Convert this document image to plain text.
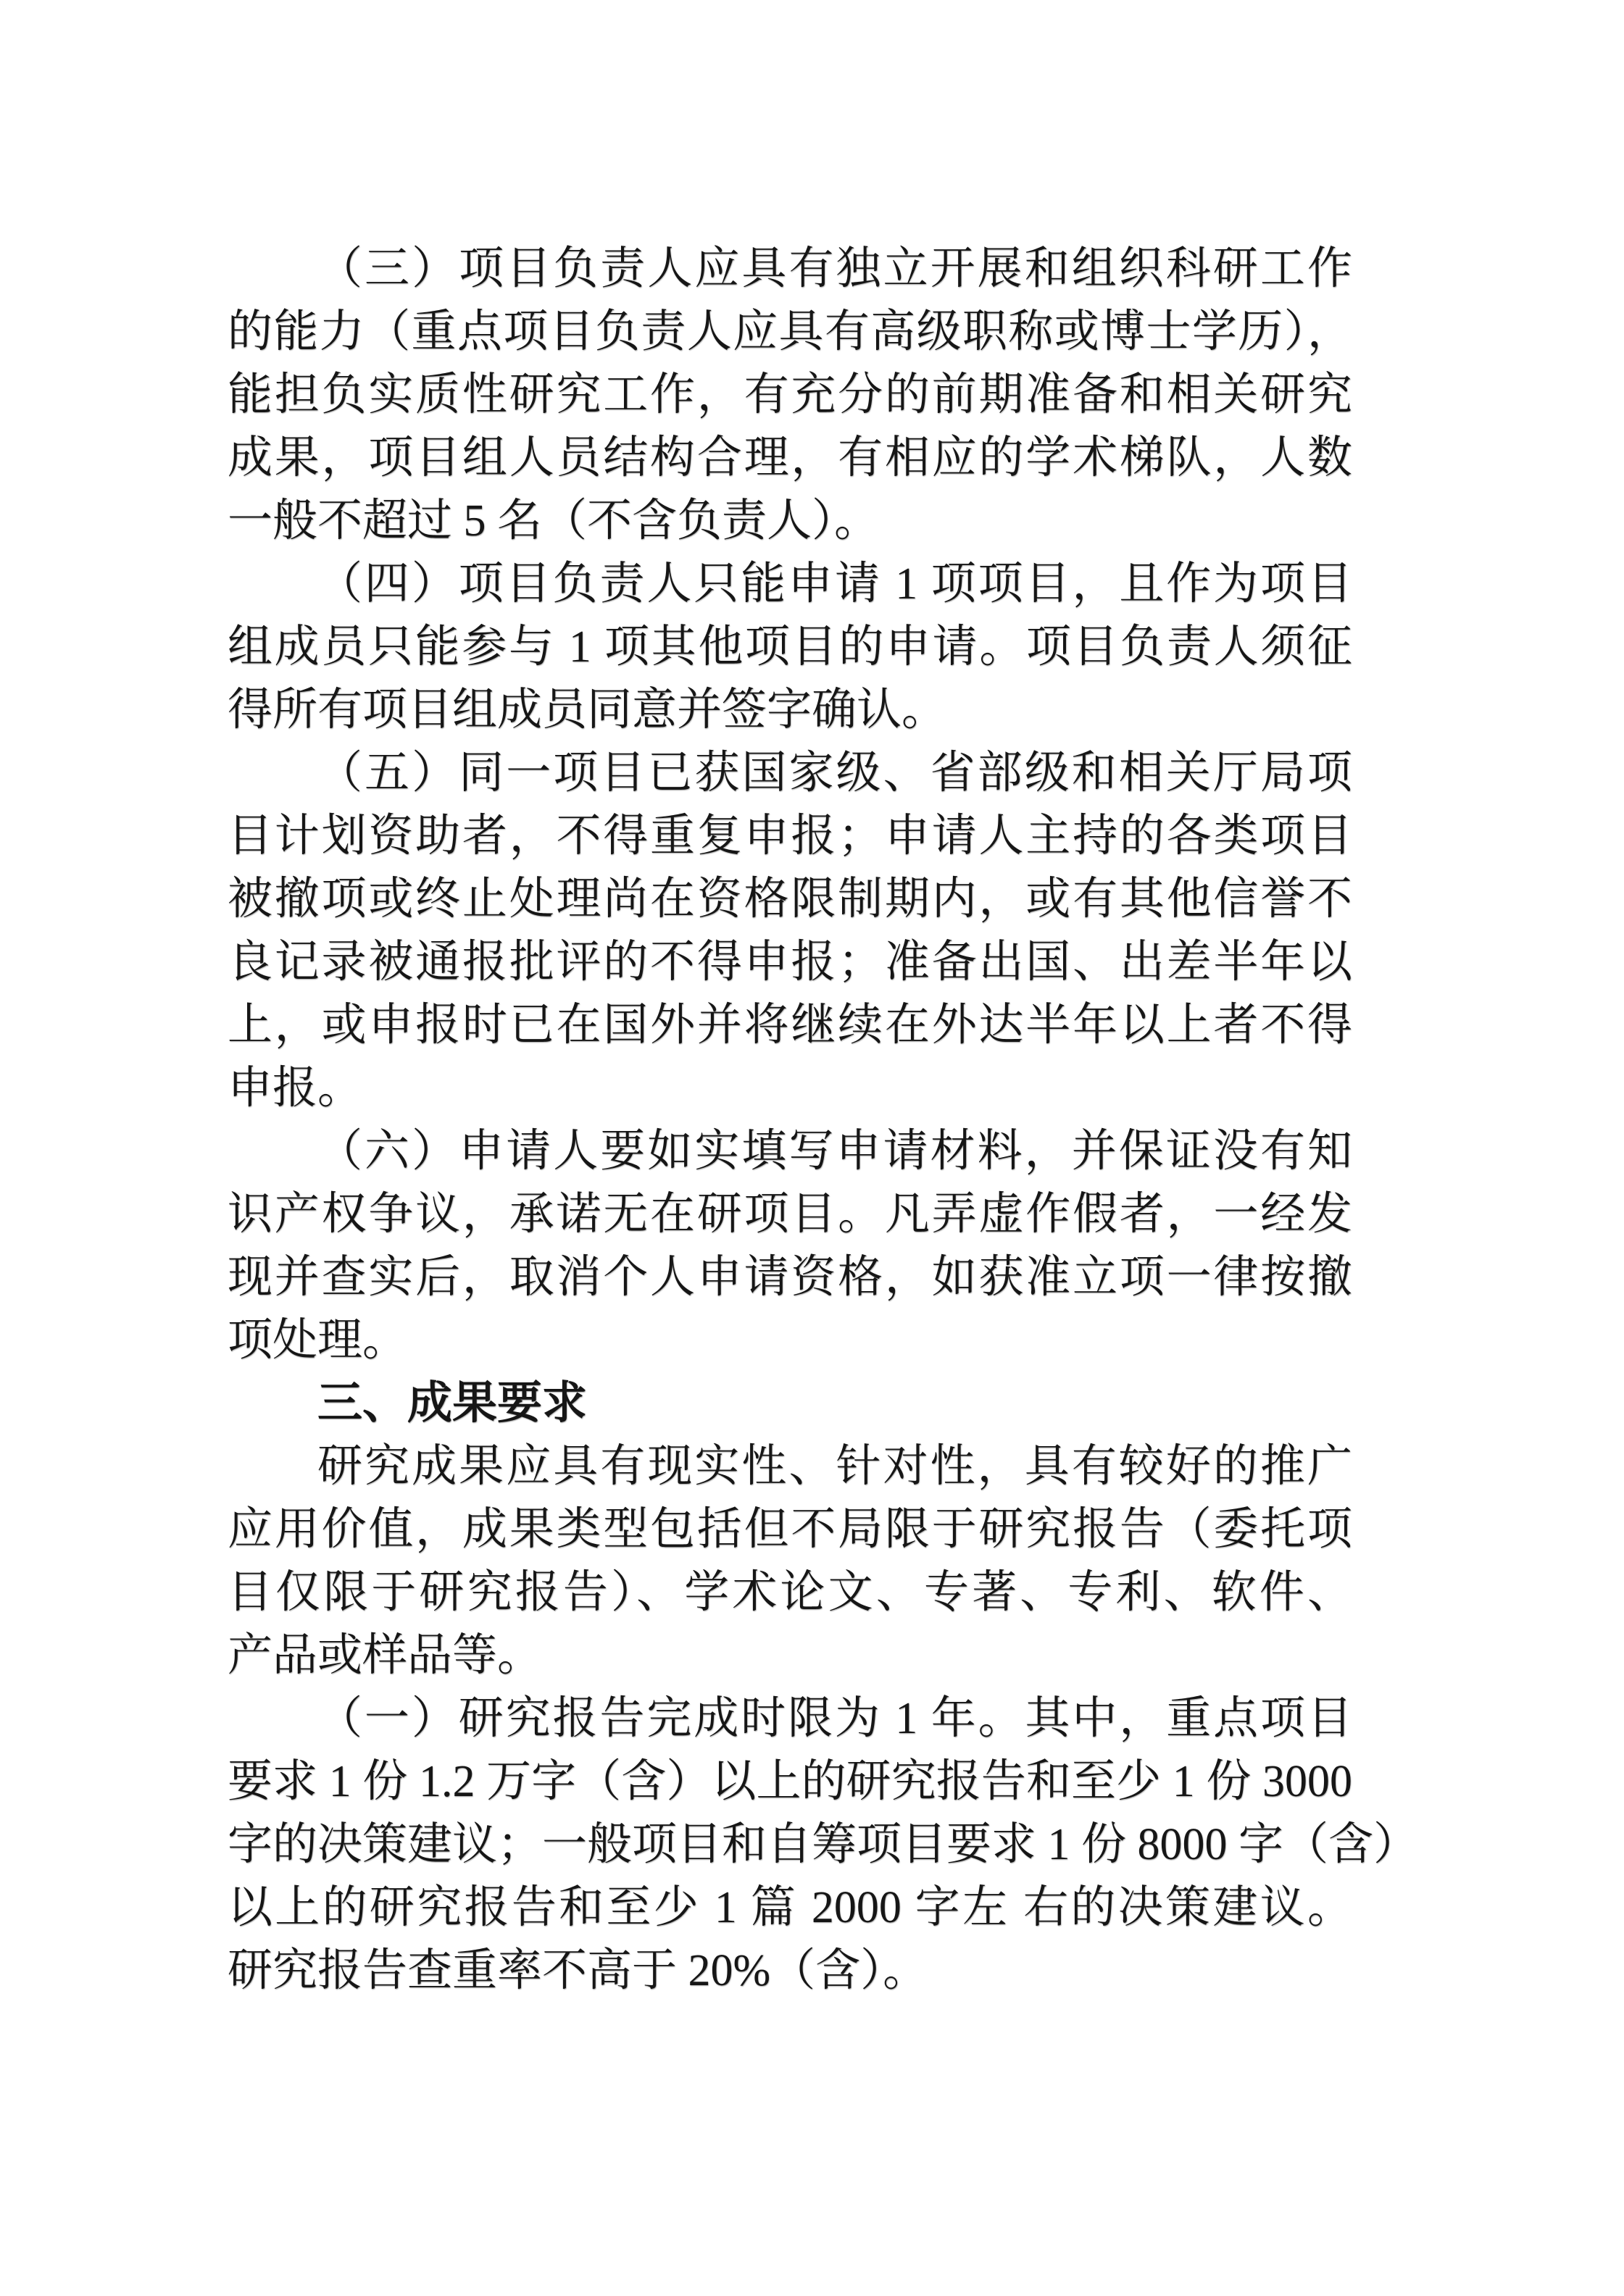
（三）项目负责人应具有独立开展和组织科研工作
的能力（重点项目负责人应具有高级职称或博士学历），
能担负实质性研究工作，有充分的前期准备和相关研究
成果，项目组人员结构合理，有相应的学术梯队，人数
一般不超过 5 名（不含负责人）。
（四）项目负责人只能申请 1 项项目，且作为项目
组成员只能参与 1 项其他项目的申请。项目负责人须征
得所有项目组成员同意并签字确认。
（五）同一项目已获国家级、省部级和相关厅局项
目计划资助者，不得重复申报；申请人主持的各类项目
被撤项或终止处理尚在资格限制期内，或有其他信誉不
良记录被通报批评的不得申报；准备出国、出差半年以
上，或申报时已在国外并将继续在外达半年以上者不得
申报。
（六）申请人要如实填写申请材料，并保证没有知
识产权争议，承诺无在研项目。凡弄虚作假者，一经发
现并查实后，取消个人申请资格，如获准立项一律按撤
项处理。
三、成果要求
研究成果应具有现实性、针对性，具有较好的推广
应用价值，成果类型包括但不局限于研究报告（委托项
目仅限于研究报告）、学术论文、专著、专利、软件、
产品或样品等。
（一）研究报告完成时限为 1 年。其中，重点项目
要求 1 份 1.2 万字（含）以上的研究报告和至少 1 份 3000
字的决策建议；一般项目和自筹项目要求 1 份 8000 字（含）
以上的研究报告和至少 1 篇 2000 字左 右的决策建议。
研究报告查重率不高于 20%（含）。
